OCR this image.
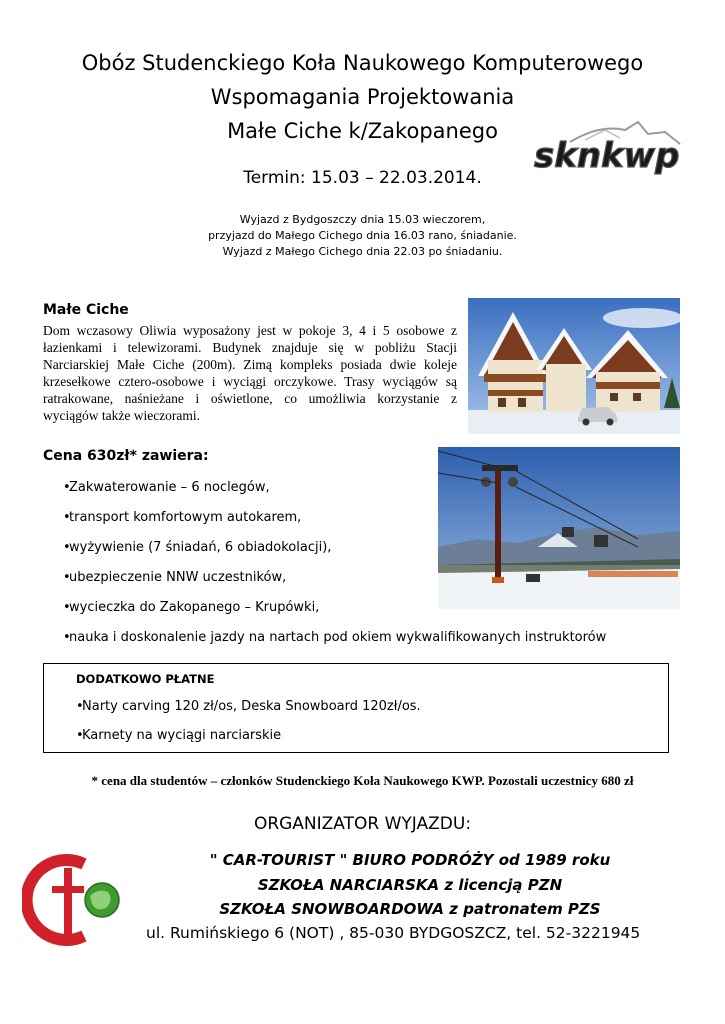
Obóz Studenckiego Koła Naukowego Komputerowego
Wspomagania Projektowania
Małe Ciche k/Zakopanego
sknkwp
Termin: 15.03 – 22.03.2014.
Wyjazd z Bydgoszczy dnia 15.03 wieczorem,
przyjazd do Małego Cichego dnia 16.03 rano, śniadanie.
Wyjazd z Małego Cichego dnia 22.03 po śniadaniu.
Małe Ciche
Dom wczasowy Oliwia wyposażony jest w pokoje 3, 4 i 5 osobowe z łazienkami i telewizorami. Budynek znajduje się w pobliżu Stacji Narciarskiej Małe Ciche (200m). Zimą kompleks posiada dwie koleje krzesełkowe cztero-osobowe i wyciągi orczykowe. Trasy wyciągów są ratrakowane, naśnieżane i oświetlone, co umożliwia korzystanie z wyciągów także wieczorami.
Cena 630zł* zawiera:
• Zakwaterowanie – 6 noclegów,
• transport komfortowym autokarem,
• wyżywienie (7 śniadań, 6 obiadokolacji),
• ubezpieczenie NNW uczestników,
• wycieczka do Zakopanego – Krupówki,
• nauka i doskonalenie jazdy na nartach pod okiem wykwalifikowanych instruktorów
DODATKOWO PŁATNE
• Narty carving 120 zł/os, Deska Snowboard 120zł/os.
• Karnety na wyciągi narciarskie
* cena dla studentów – członków Studenckiego Koła Naukowego KWP. Pozostali uczestnicy 680 zł
ORGANIZATOR WYJAZDU:
" CAR-TOURIST " BIURO PODRÓŻY od 1989 roku
SZKOŁA NARCIARSKA z licencją PZN
SZKOŁA SNOWBOARDOWA z patronatem PZS
ul. Rumińskiego 6 (NOT) , 85-030 BYDGOSZCZ, tel. 52-3221945
